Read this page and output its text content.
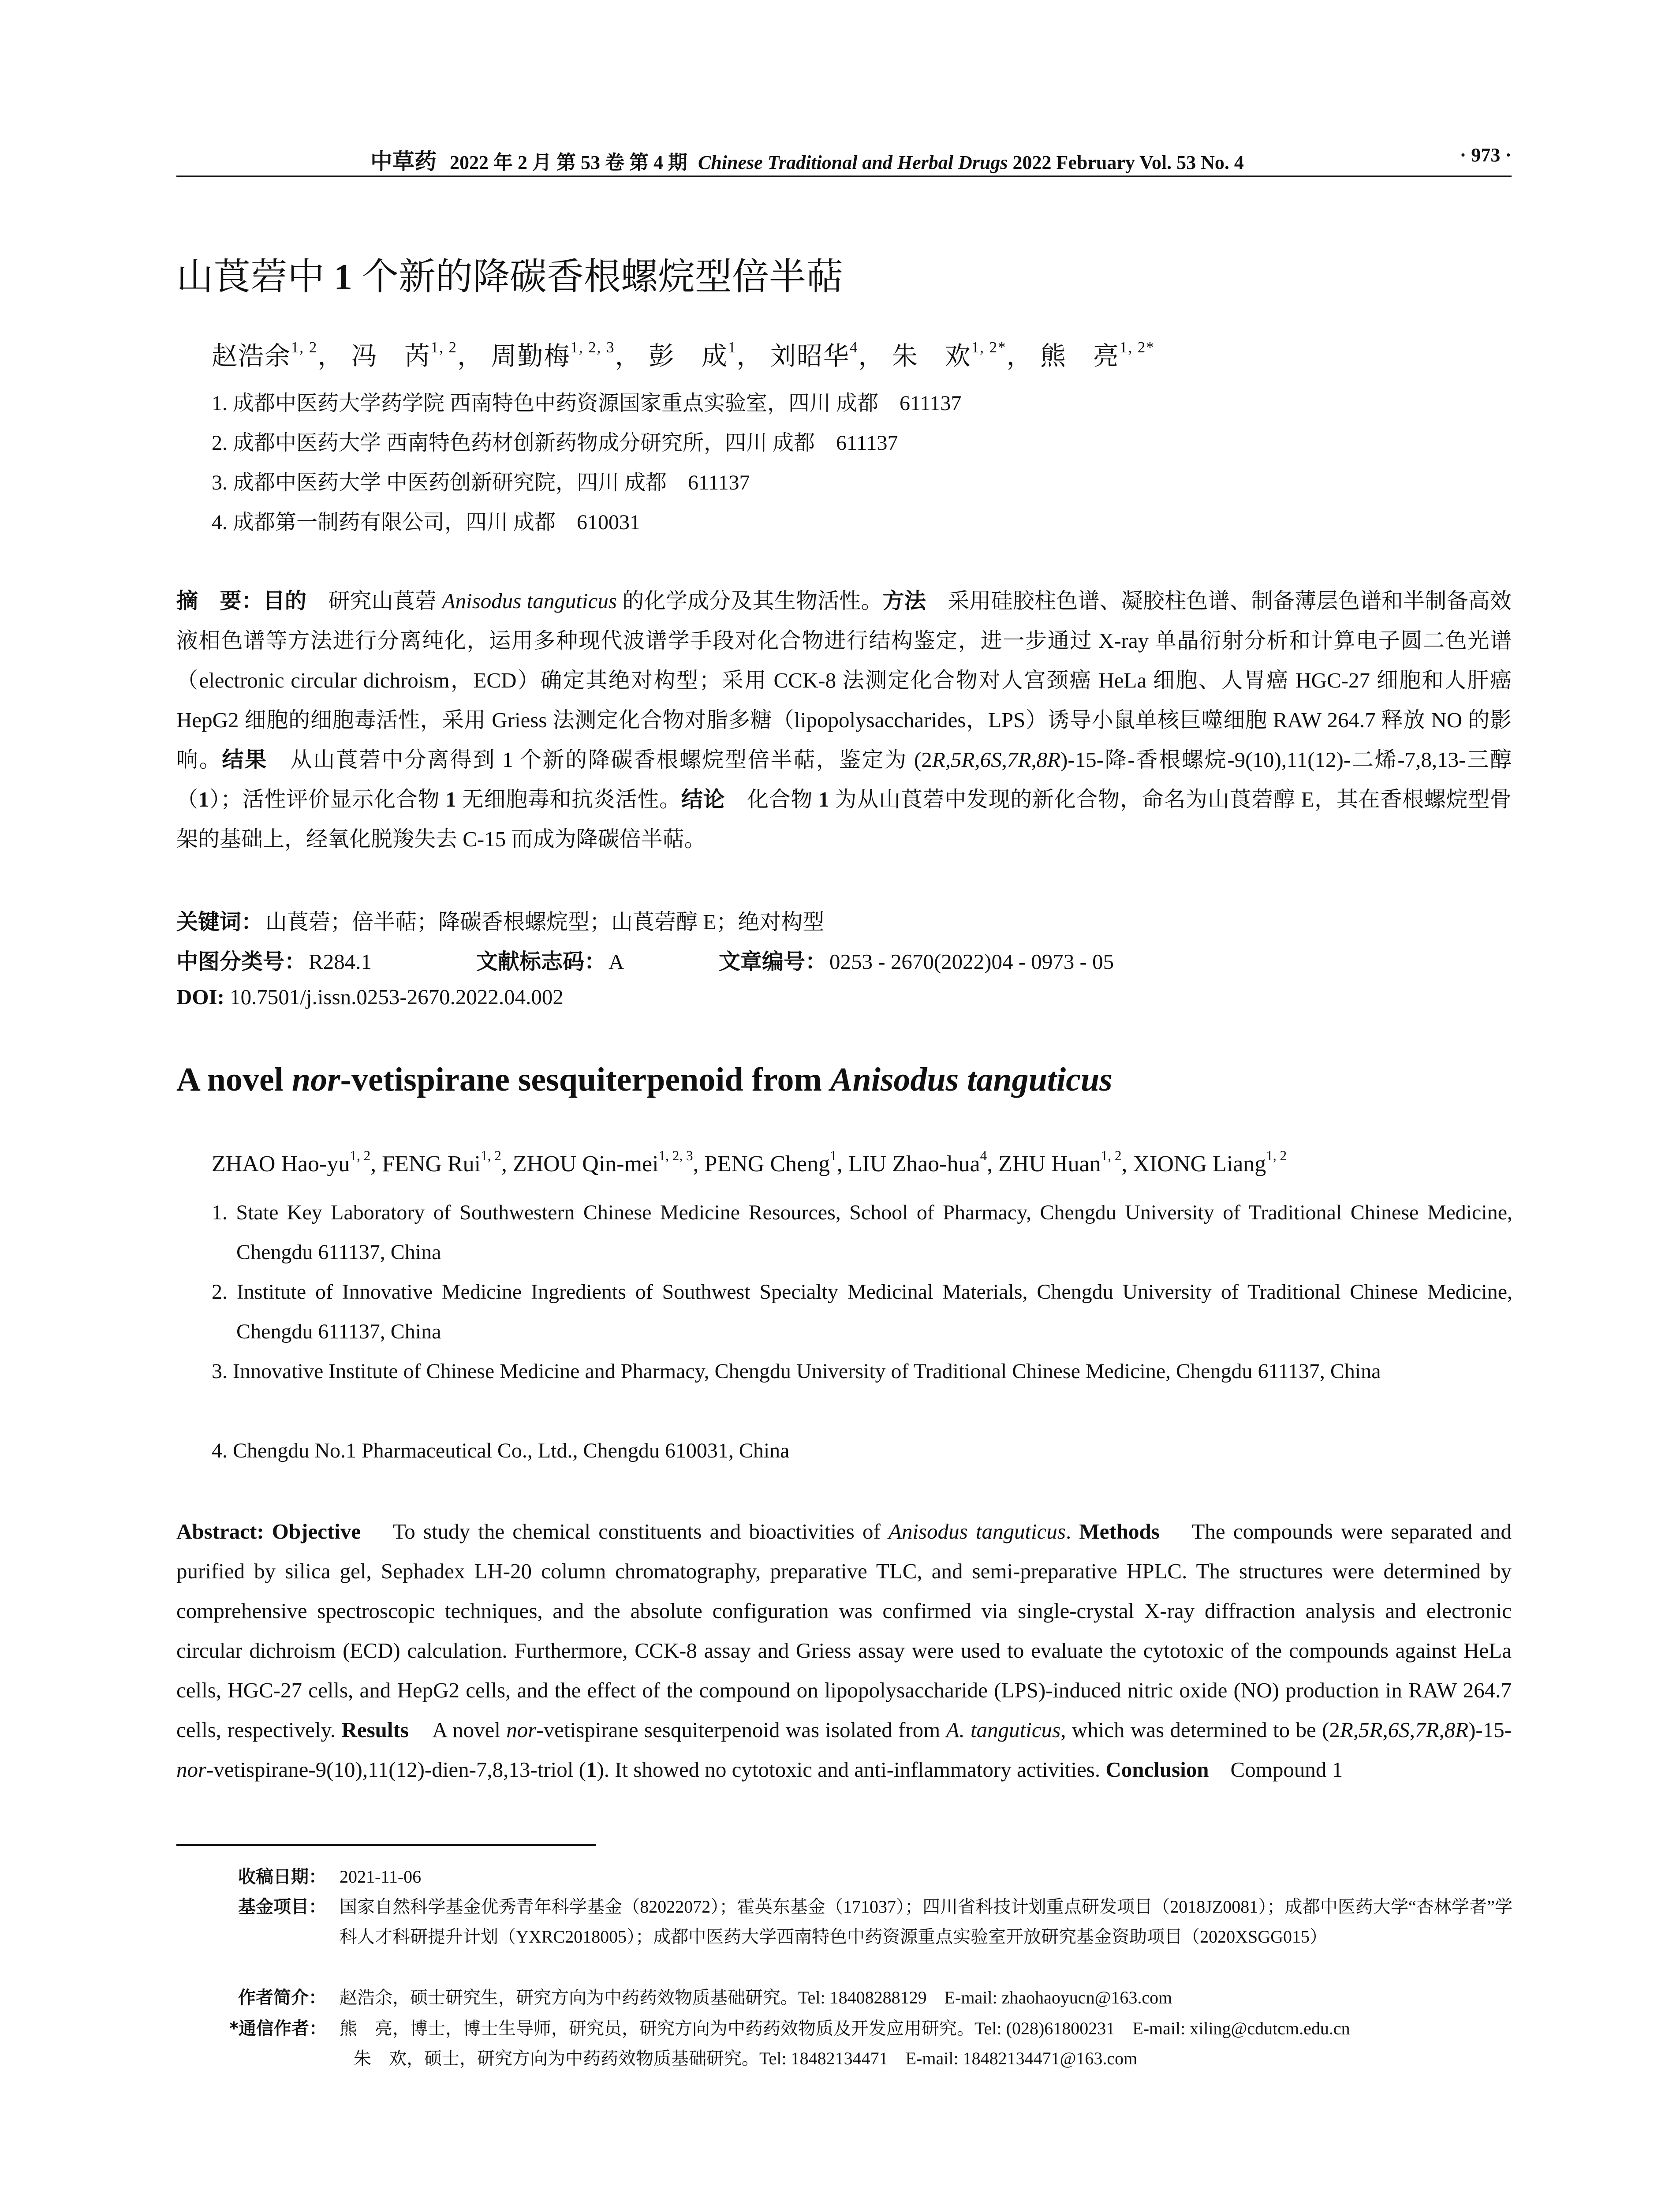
中草药 2022 年 2 月 第 53 卷 第 4 期 Chinese Traditional and Herbal Drugs 2022 February Vol. 53 No. 4	· 973 ·
山莨菪中 1 个新的降碳香根螺烷型倍半萜
赵浩余$^{1, 2}$， 冯　芮$^{1, 2}$， 周勤梅$^{1, 2, 3}$， 彭　成$^1$， 刘昭华$^4$， 朱　欢$^{1, 2*}$， 熊　亮$^{1, 2*}$
1. 成都中医药大学药学院 西南特色中药资源国家重点实验室，四川 成都　611137
2. 成都中医药大学 西南特色药材创新药物成分研究所，四川 成都　611137
3. 成都中医药大学 中医药创新研究院，四川 成都　611137
4. 成都第一制药有限公司，四川 成都　610031
摘　要：目的　 研究山莨菪 Anisodus tanguticus 的化学成分及其生物活性。方法　 采用硅胶柱色谱、凝胶柱色谱、制备薄层色谱和半制备高效液相色谱等方法进行分离纯化，运用多种现代波谱学手段对化合物进行结构鉴定，进一步通过 X-ray 单晶衍射分析和计算电子圆二色光谱（electronic circular dichroism，ECD）确定其绝对构型；采用 CCK-8 法测定化合物对人宫颈癌 HeLa 细胞、人胃癌 HGC-27 细胞和人肝癌 HepG2 细胞的细胞毒活性，采用 Griess 法测定化合物对脂多糖（lipopolysaccharides，LPS）诱导小鼠单核巨噬细胞 RAW 264.7 释放 NO 的影响。结果　 从山莨菪中分离得到 1 个新的降碳香根螺烷型倍半萜，鉴定为 (2R,5R,6S,7R,8R)-15-降-香根螺烷-9(10),11(12)-二烯-7,8,13-三醇（1）；活性评价显示化合物 1 无细胞毒和抗炎活性。结论　 化合物 1 为从山莨菪中发现的新化合物，命名为山莨菪醇 E，其在香根螺烷型骨架的基础上，经氧化脱羧失去 C-15 而成为降碳倍半萜。
关键词： 山莨菪；倍半萜；降碳香根螺烷型；山莨菪醇 E；绝对构型
中图分类号： R284.1	文献标志码： A	文章编号： 0253 - 2670(2022)04 - 0973 - 05
DOI: 10.7501/j.issn.0253-2670.2022.04.002
A novel nor-vetispirane sesquiterpenoid from Anisodus tanguticus
ZHAO Hao-yu$^{1, 2}$, FENG Rui$^{1, 2}$, ZHOU Qin-mei$^{1, 2, 3}$, PENG Cheng$^1$, LIU Zhao-hua$^4$, ZHU Huan$^{1, 2}$, XIONG Liang$^{1, 2}$
1. State Key Laboratory of Southwestern Chinese Medicine Resources, School of Pharmacy, Chengdu University of Traditional Chinese Medicine, Chengdu 611137, China
2. Institute of Innovative Medicine Ingredients of Southwest Specialty Medicinal Materials, Chengdu University of Traditional Chinese Medicine, Chengdu 611137, China
3. Innovative Institute of Chinese Medicine and Pharmacy, Chengdu University of Traditional Chinese Medicine, Chengdu 611137, China
4. Chengdu No.1 Pharmaceutical Co., Ltd., Chengdu 610031, China
Abstract: Objective To study the chemical constituents and bioactivities of Anisodus tanguticus. Methods The compounds were separated and purified by silica gel, Sephadex LH-20 column chromatography, preparative TLC, and semi-preparative HPLC. The structures were determined by comprehensive spectroscopic techniques, and the absolute configuration was confirmed via single-crystal X-ray diffraction analysis and electronic circular dichroism (ECD) calculation. Furthermore, CCK-8 assay and Griess assay were used to evaluate the cytotoxic of the compounds against HeLa cells, HGC-27 cells, and HepG2 cells, and the effect of the compound on lipopolysaccharide (LPS)-induced nitric oxide (NO) production in RAW 264.7 cells, respectively. Results A novel nor-vetispirane sesquiterpenoid was isolated from A. tanguticus, which was determined to be (2R,5R,6S,7R,8R)-15-nor-vetispirane-9(10),11(12)-dien-7,8,13-triol (1). It showed no cytotoxic and anti-inflammatory activities. Conclusion Compound 1
收稿日期： 2021-11-06
基金项目： 国家自然科学基金优秀青年科学基金（82022072）；霍英东基金（171037）；四川省科技计划重点研发项目（2018JZ0081）；成都中医药大学“杏林学者”学科人才科研提升计划（YXRC2018005）；成都中医药大学西南特色中药资源重点实验室开放研究基金资助项目（2020XSGG015）
作者简介： 赵浩余，硕士研究生，研究方向为中药药效物质基础研究。Tel: 18408288129　E-mail: zhaohaoyucn@163.com
*通信作者： 熊　亮，博士，博士生导师，研究员，研究方向为中药药效物质及开发应用研究。Tel: (028)61800231　E-mail: xiling@cdutcm.edu.cn
朱　欢，硕士，研究方向为中药药效物质基础研究。Tel: 18482134471　E-mail: 18482134471@163.com
